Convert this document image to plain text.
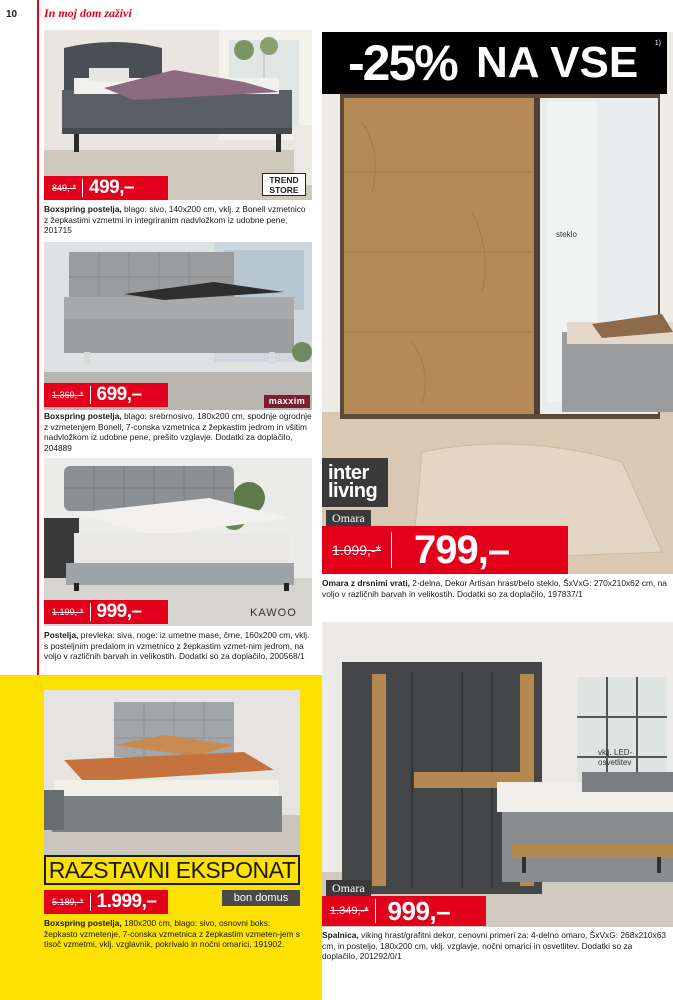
10 In moj dom zaživi
849,-* 499,–	TREND STORE
Boxspring postelja, blago: sivo, 140x200 cm, vklj. z Bonell vzmetnico z žepkastimi vzmetmi in integriranim nadvložkom iz udobne pene, 201715
1.369,-* 699,–	maxxim
Boxspring postelja, blago: srebrnosivo, 180x200 cm, spodnje ogrodnje z vzmetenjem Bonell, 7-conska vzmetnica z žepkastim jedrom in všitim nadvložkom iz udobne pene, prešito vzglavje. Dodatki za doplačilo, 204889
1.199,-* 999,–	KAWOO
Postelja, prevleka: siva, noge: iz umetne mase, črne, 160x200 cm, vklj. s posteljnim predalom in vzmetnico z žepkastim vzmet-nim jedrom, na voljo v različnih barvah in velikostih. Dodatki so za doplačilo, 200568/1
RAZSTAVNI EKSPONAT
5.189,-* 1.999,–	bon domus
Boxspring postelja, 180x200 cm, blago: sivo, osnovni boks: žepkasto vzmetenje, 7-conska vzmetnica z žepkastim vzmeten-jem s tisoč vzmetmi, vklj. vzglavnik, pokrivalo in nočni omarici, 191902.
-25% NA VSE 1)
steklo
inter living
Omara
1.099,-* 799,–
Omara z drsnimi vrati, 2-delna, Dekor Artisan hrast/belo steklo, ŠxVxG: 270x210x62 cm, na voljo v različnih barvah in velikostih. Dodatki so za doplačilo, 197837/1
vklj. LED-osvetlitev
Omara
1.349,-* 999,–
Spalnica, viking hrast/grafitni dekor, cenovni primeri za: 4-delno omaro, ŠxVxG: 268x210x63 cm, in posteljo, 180x200 cm, vklj. vzglavje, nočni omarici in osvetlitev. Dodatki so za doplačilo, 201292/0/1
